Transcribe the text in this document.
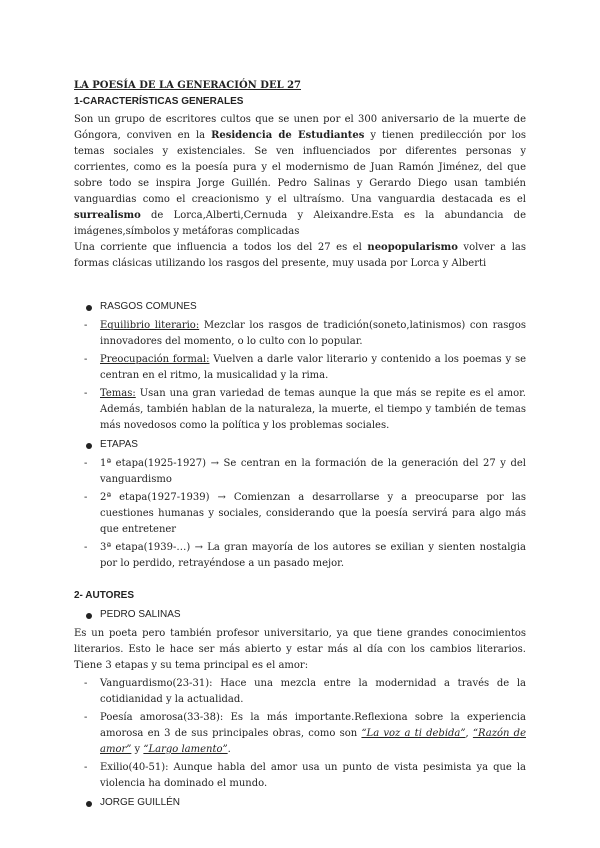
LA POESÍA DE LA GENERACIÓN DEL 27

1-CARACTERÍSTICAS GENERALES

Son un grupo de escritores cultos que se unen por el 300 aniversario de la muerte de Góngora, conviven en la Residencia de Estudiantes y tienen predilección por los temas sociales y existenciales. Se ven influenciados por diferentes personas y corrientes, como es la poesía pura y el modernismo de Juan Ramón Jiménez, del que sobre todo se inspira Jorge Guillén. Pedro Salinas y Gerardo Diego usan también vanguardias como el creacionismo y el ultraísmo. Una vanguardia destacada es el surrealismo de Lorca,Alberti,Cernuda y Aleixandre.Esta es la abundancia de imágenes,símbolos y metáforas complicadas

Una corriente que influencia a todos los del 27 es el neopopularismo volver a las formas clásicas utilizando los rasgos del presente, muy usada por Lorca y Alberti

RASGOS COMUNES
- Equilibrio literario: Mezclar los rasgos de tradición(soneto,latinismos) con rasgos innovadores del momento, o lo culto con lo popular.
- Preocupación formal: Vuelven a darle valor literario y contenido a los poemas y se centran en el ritmo, la musicalidad y la rima.
- Temas: Usan una gran variedad de temas aunque la que más se repite es el amor. Además, también hablan de la naturaleza, la muerte, el tiempo y también de temas más novedosos como la política y los problemas sociales.
ETAPAS
- 1ª etapa(1925-1927) → Se centran en la formación de la generación del 27 y del vanguardismo
- 2ª etapa(1927-1939) → Comienzan a desarrollarse y a preocuparse por las cuestiones humanas y sociales, considerando que la poesía servirá para algo más que entretener
- 3ª etapa(1939-…) → La gran mayoría de los autores se exilian y sienten nostalgia por lo perdido, retrayéndose a un pasado mejor.

2- AUTORES

PEDRO SALINAS

Es un poeta pero también profesor universitario, ya que tiene grandes conocimientos literarios. Esto le hace ser más abierto y estar más al día con los cambios literarios. Tiene 3 etapas y su tema principal es el amor:

- Vanguardismo(23-31): Hace una mezcla entre la modernidad a través de la cotidianidad y la actualidad.
- Poesía amorosa(33-38): Es la más importante.Reflexiona sobre la experiencia amorosa en 3 de sus principales obras, como son “La voz a ti debida”, “Razón de amor” y “Largo lamento”.
- Exilio(40-51): Aunque habla del amor usa un punto de vista pesimista ya que la violencia ha dominado el mundo.
JORGE GUILLÉN
